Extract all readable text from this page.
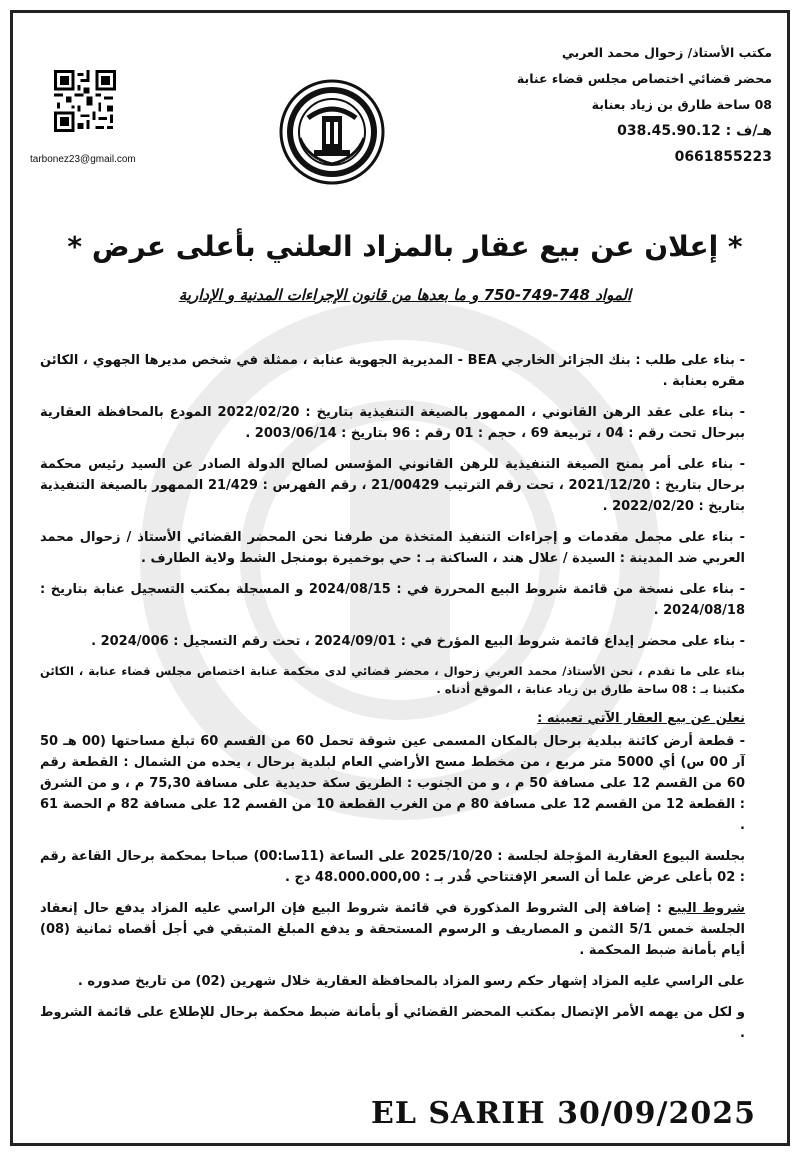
مكتب الأستاذ/ زحوال محمد العربي
محضر قضائي اختصاص مجلس قضاء عنابة
08 ساحة طارق بن زياد بعنابة
هـ/ف : 038.45.90.12
0661855223
tarbonez23@gmail.com
* إعلان عن بيع عقار بالمزاد العلني بأعلى عرض *
المواد 748-749-750 و ما بعدها من قانون الإجراءات المدنية و الإدارية

- بناء على طلب : بنك الجزائر الخارجي BEA - المديرية الجهوية عنابة ، ممثلة في شخص مديرها الجهوي ، الكائن مقره بعنابة .

- بناء على عقد الرهن القانوني ، الممهور بالصيغة التنفيذية بتاريخ : 2022/02/20 المودع بالمحافظة العقارية ببرحال تحت رقم : 04 ، تربيعة 69 ، حجم : 01 رقم : 96 بتاريخ : 2003/06/14 .

- بناء على أمر بمنح الصيغة التنفيذية للرهن القانوني المؤسس لصالح الدولة الصادر عن السيد رئيس محكمة برحال بتاريخ : 2021/12/20 ، تحت رقم الترتيب 21/00429 ، رقم الفهرس : 21/429 الممهور بالصيغة التنفيذية بتاريخ : 2022/02/20 .

- بناء على مجمل مقدمات و إجراءات التنفيذ المتخذة من طرفنا نحن المحضر القضائي الأستاذ / زحوال محمد العربي ضد المدينة : السيدة / علال هند ، الساكنة بـ : حي بوخميرة بومنجل الشط ولاية الطارف .

- بناء على نسخة من قائمة شروط البيع المحررة في : 2024/08/15 و المسجلة بمكتب التسجيل عنابة بتاريخ : 2024/08/18 .

- بناء على محضر إيداع قائمة شروط البيع المؤرخ في : 2024/09/01 ، تحت رقم التسجيل : 2024/006 .

بناء على ما تقدم ، نحن الأستاذ/ محمد العربي زحوال ، محضر قضائي لدى محكمة عنابة اختصاص مجلس قضاء عنابة ، الكائن مكتبنا بـ : 08 ساحة طارق بن زياد عنابة ، الموقع أدناه .

نعلن عن بيع العقار الآتي تعيينه :

- قطعة أرض كائنة ببلدية برحال بالمكان المسمى عين شوقة تحمل 60 من القسم 60 تبلغ مساحتها (00 هـ 50 آر 00 س) أي 5000 متر مربع ، من مخطط مسح الأراضي العام لبلدية برحال ، يحده من الشمال : القطعة رقم 60 من القسم 12 على مسافة 50 م ، و من الجنوب : الطريق سكة حديدية على مسافة 75,30 م ، و من الشرق : القطعة 12 من القسم 12 على مسافة 80 م من الغرب القطعة 10 من القسم 12 على مسافة 82 م الحصة 61 .

بجلسة البيوع العقارية المؤجلة لجلسة : 2025/10/20 على الساعة (11سا:00) صباحا بمحكمة برحال القاعة رقم : 02 بأعلى عرض علما أن السعر الإفتتاحي قُدر بـ : 48.000.000,00 دج .

شروط البيع : إضافة إلى الشروط المذكورة في قائمة شروط البيع فإن الراسي عليه المزاد يدفع حال إنعقاد الجلسة خمس 5/1 الثمن و المصاريف و الرسوم المستحقة و يدفع المبلغ المتبقي في أجل أقصاه ثمانية (08) أيام بأمانة ضبط المحكمة .

على الراسي عليه المزاد إشهار حكم رسو المزاد بالمحافظة العقارية خلال شهرين (02) من تاريخ صدوره .

و لكل من يهمه الأمر الإتصال بمكتب المحضر القضائي أو بأمانة ضبط محكمة برحال للإطلاع على قائمة الشروط .

EL SARIH 30/09/2025
